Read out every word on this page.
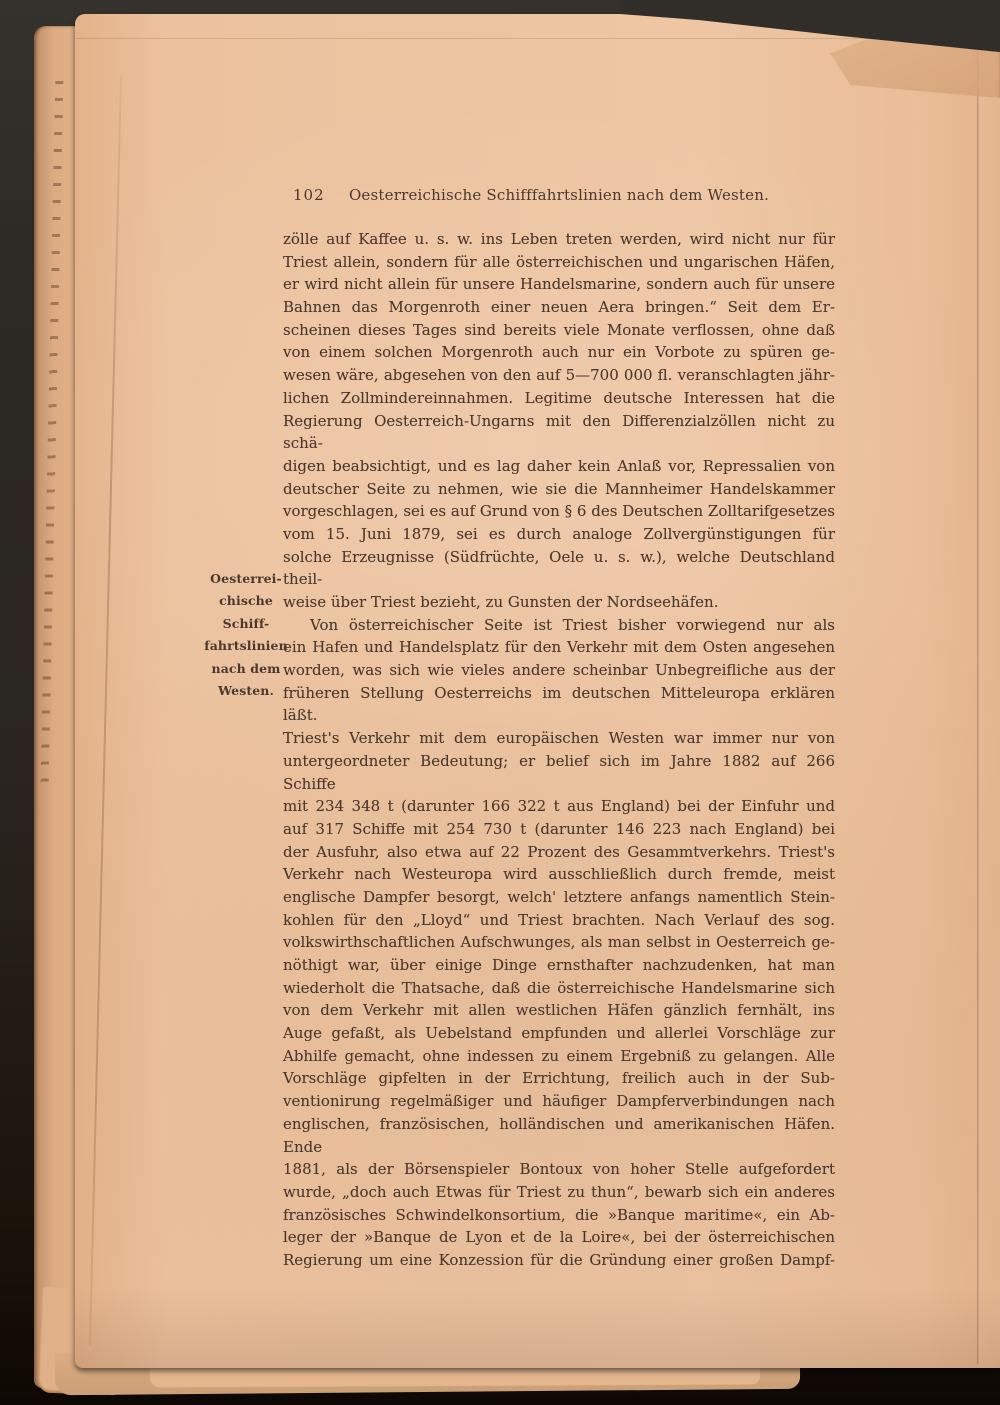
102	Oesterreichische Schifffahrtslinien nach dem Westen.
Oesterrei-
chische Schiff-
fahrtslinien
nach dem
Westen.
zölle auf Kaffee u. s. w. ins Leben treten werden, wird nicht nur für
Triest allein, sondern für alle österreichischen und ungarischen Häfen,
er wird nicht allein für unsere Handelsmarine, sondern auch für unsere
Bahnen das Morgenroth einer neuen Aera bringen.“ Seit dem Er-
scheinen dieses Tages sind bereits viele Monate verflossen, ohne daß
von einem solchen Morgenroth auch nur ein Vorbote zu spüren ge-
wesen wäre, abgesehen von den auf 5—700 000 fl. veranschlagten jähr-
lichen Zollmindereinnahmen. Legitime deutsche Interessen hat die
Regierung Oesterreich-Ungarns mit den Differenzialzöllen nicht zu schä-
digen beabsichtigt, und es lag daher kein Anlaß vor, Repressalien von
deutscher Seite zu nehmen, wie sie die Mannheimer Handelskammer
vorgeschlagen, sei es auf Grund von § 6 des Deutschen Zolltarifgesetzes
vom 15. Juni 1879, sei es durch analoge Zollvergünstigungen für
solche Erzeugnisse (Südfrüchte, Oele u. s. w.), welche Deutschland theil-
weise über Triest bezieht, zu Gunsten der Nordseehäfen.
Von österreichischer Seite ist Triest bisher vorwiegend nur als
ein Hafen und Handelsplatz für den Verkehr mit dem Osten angesehen
worden, was sich wie vieles andere scheinbar Unbegreifliche aus der
früheren Stellung Oesterreichs im deutschen Mitteleuropa erklären läßt.
Triest's Verkehr mit dem europäischen Westen war immer nur von
untergeordneter Bedeutung; er belief sich im Jahre 1882 auf 266 Schiffe
mit 234 348 t (darunter 166 322 t aus England) bei der Einfuhr und
auf 317 Schiffe mit 254 730 t (darunter 146 223 nach England) bei
der Ausfuhr, also etwa auf 22 Prozent des Gesammtverkehrs. Triest's
Verkehr nach Westeuropa wird ausschließlich durch fremde, meist
englische Dampfer besorgt, welch' letztere anfangs namentlich Stein-
kohlen für den „Lloyd“ und Triest brachten. Nach Verlauf des sog.
volkswirthschaftlichen Aufschwunges, als man selbst in Oesterreich ge-
nöthigt war, über einige Dinge ernsthafter nachzudenken, hat man
wiederholt die Thatsache, daß die österreichische Handelsmarine sich
von dem Verkehr mit allen westlichen Häfen gänzlich fernhält, ins
Auge gefaßt, als Uebelstand empfunden und allerlei Vorschläge zur
Abhilfe gemacht, ohne indessen zu einem Ergebniß zu gelangen. Alle
Vorschläge gipfelten in der Errichtung, freilich auch in der Sub-
ventionirung regelmäßiger und häufiger Dampferverbindungen nach
englischen, französischen, holländischen und amerikanischen Häfen. Ende
1881, als der Börsenspieler Bontoux von hoher Stelle aufgefordert
wurde, „doch auch Etwas für Triest zu thun“, bewarb sich ein anderes
französisches Schwindelkonsortium, die »Banque maritime«, ein Ab-
leger der »Banque de Lyon et de la Loire«, bei der österreichischen
Regierung um eine Konzession für die Gründung einer großen Dampf-
